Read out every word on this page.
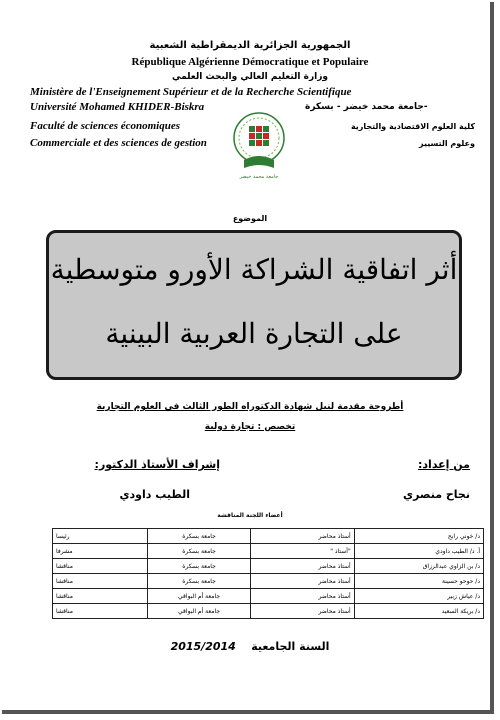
الجمهورية الجزائرية الديمقراطية الشعبية
République Algérienne Démocratique et Populaire
وزارة التعليم العالي والبحث العلمي
Ministère de l'Enseignement Supérieur et de la Recherche Scientifique
Université Mohamed KHIDER-Biskra	جامعة محمد خيضر - بسكرة-
Faculté de sciences économiques
Commerciale et des sciences de gestion
كلية العلوم الاقتصادية والتجارية
وعلوم التسيير
جامعة محمد خيضر
الموضوع
أثر اتفاقية الشراكة الأورو متوسطية
على التجارة العربية البينية
أطروحة مقدمة لنيل شهادة الدكتوراه الطور الثالث في العلوم التجارية
تخصص : تجارة دولية
من إعداد:
إشراف الأستاذ الدكتور:
نجاح منصري
الطيب داودي
أعضاء اللجنة المناقشة
د/ خوني رابح	أستاذ محاضر	جامعة بسكرة	رئيسا
أ. د/ الطيب داودي	"أستاذ "	جامعة بسكرة	مشرفا
د/ بن الزاوي عبدالرزاق	أستاذ محاضر	جامعة بسكرة	مناقشا
د/ حوحو حسينة	أستاذ محاضر	جامعة بسكرة	مناقشا
د/ عياش زبير	أستاذ محاضر	جامعة أم البواقي	مناقشا
د/ بريكة السعيد	أستاذ محاضر	جامعة أم البواقي	مناقشا
السنة الجامعية    2015/2014
